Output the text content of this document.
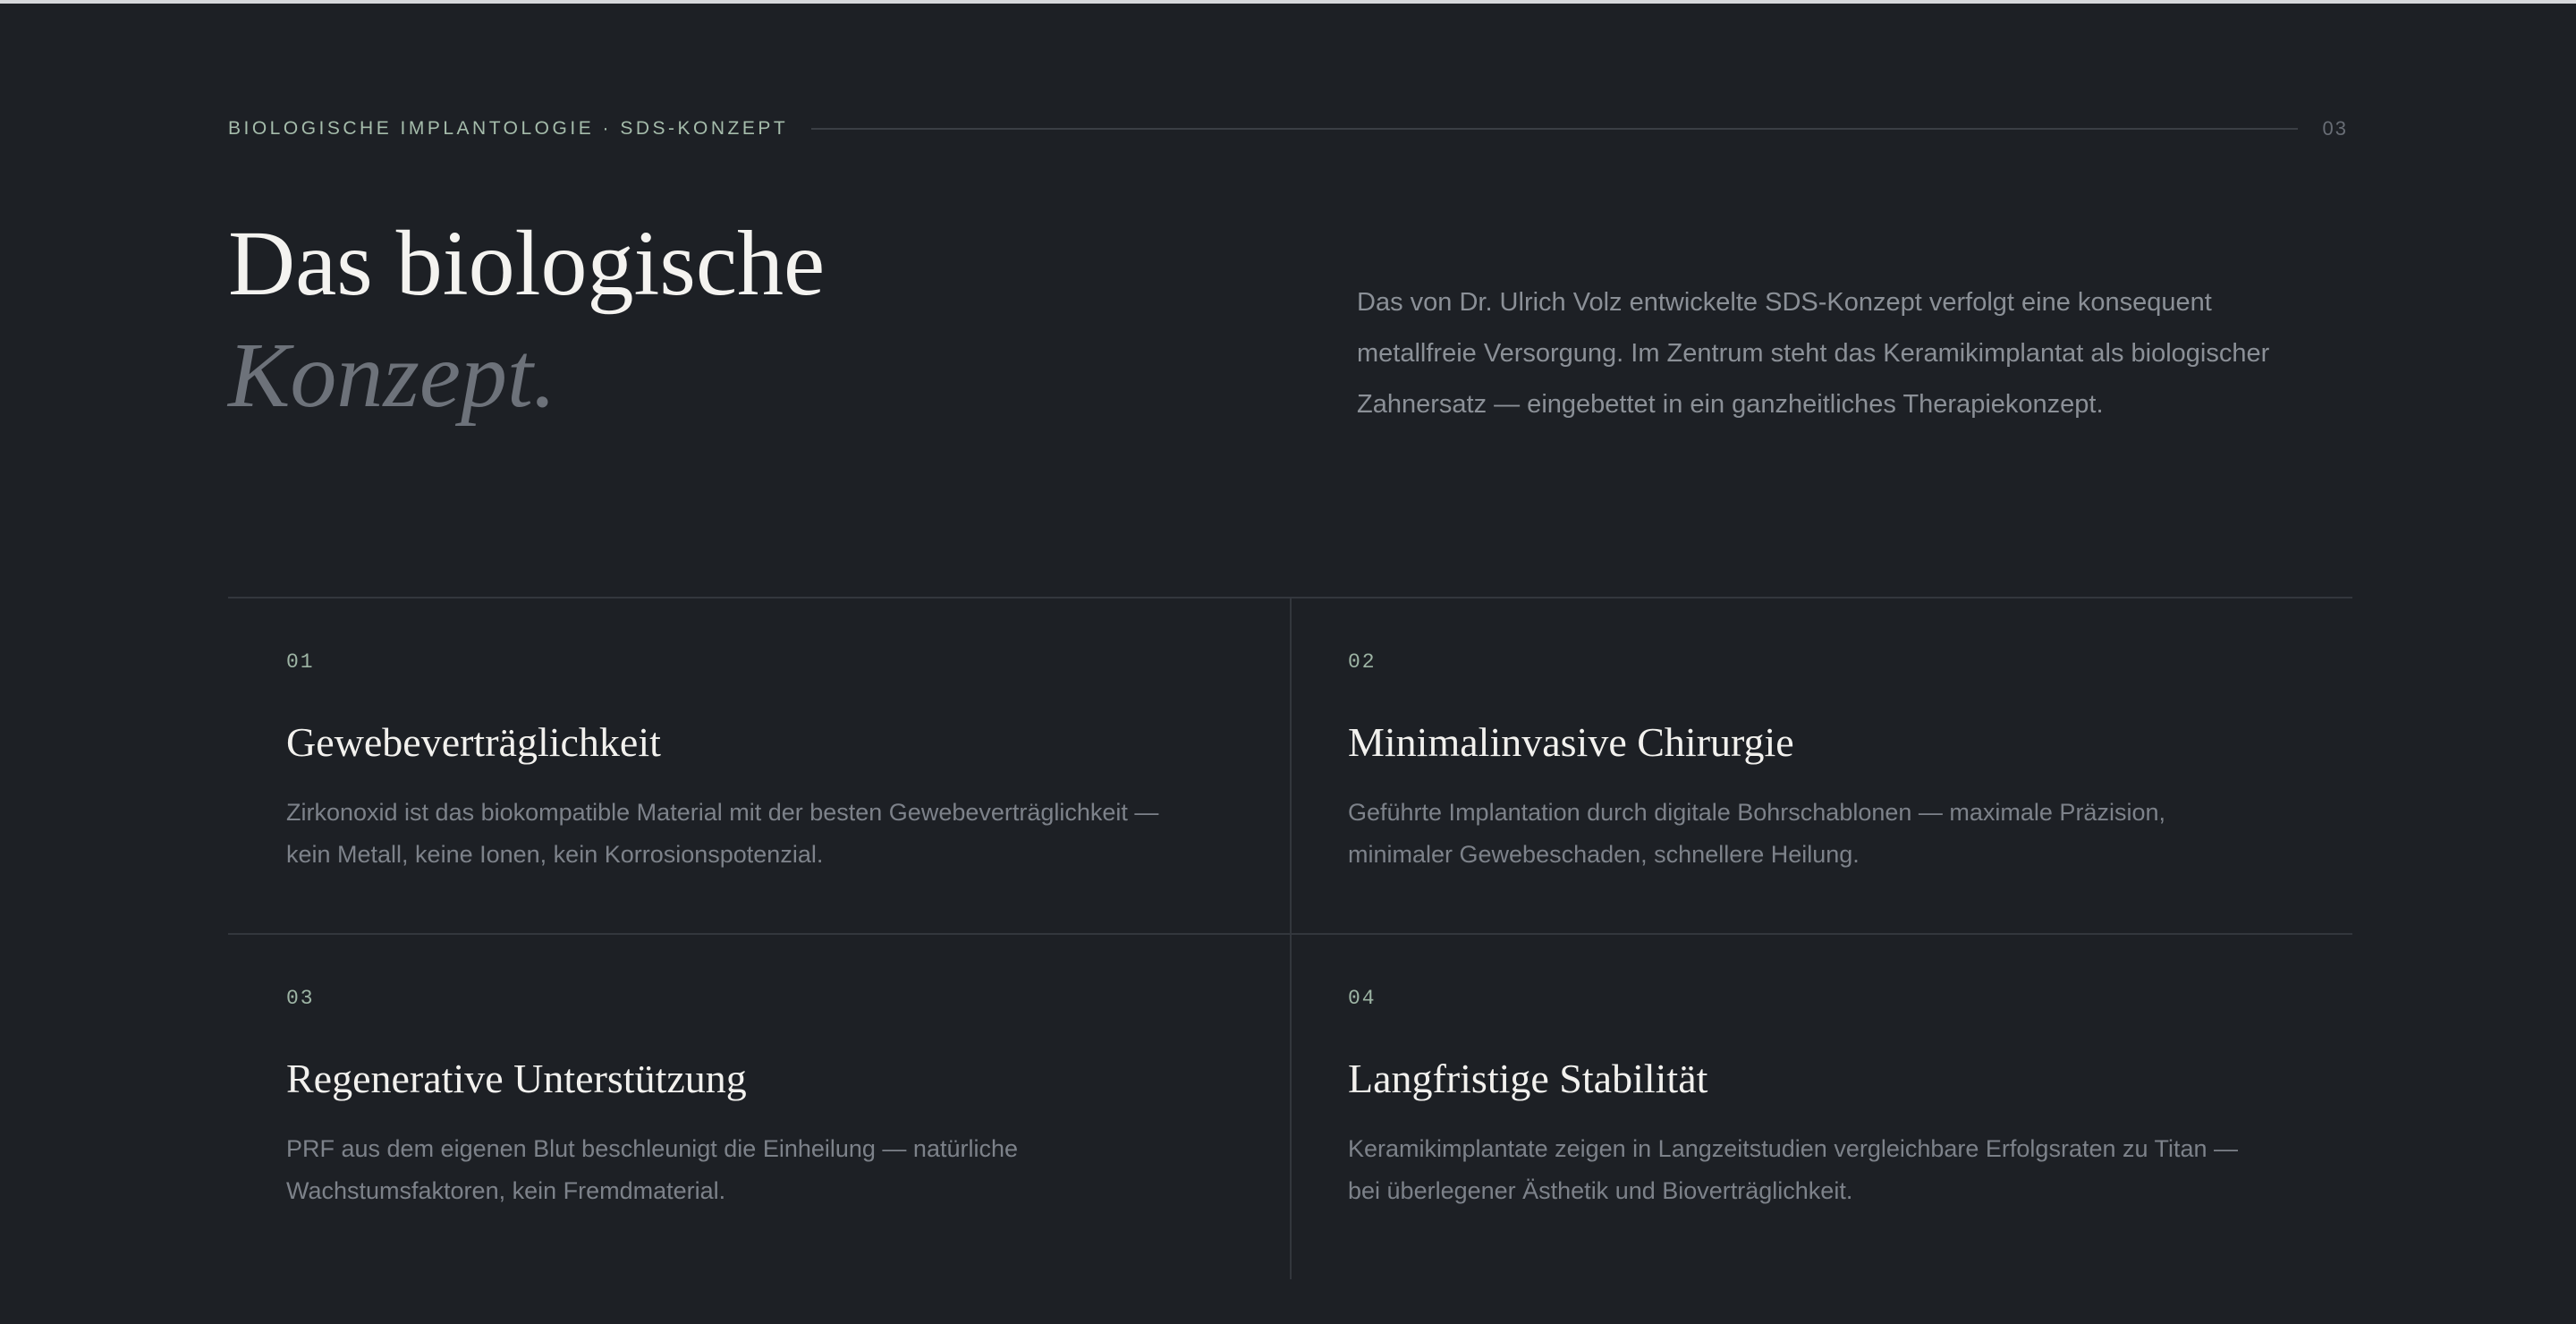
BIOLOGISCHE IMPLANTOLOGIE · SDS-KONZEPT	03
Das biologische
Konzept.

Das von Dr. Ulrich Volz entwickelte SDS-Konzept verfolgt eine konsequent metallfreie Versorgung. Im Zentrum steht das Keramikimplantat als biologischer Zahnersatz — eingebettet in ein ganzheitliches Therapiekonzept.

01
Gewebeverträglichkeit

Zirkonoxid ist das biokompatible Material mit der besten Gewebeverträglichkeit — kein Metall, keine Ionen, kein Korrosionspotenzial.

02
Minimalinvasive Chirurgie

Geführte Implantation durch digitale Bohrschablonen — maximale Präzision, minimaler Gewebeschaden, schnellere Heilung.

03
Regenerative Unterstützung

PRF aus dem eigenen Blut beschleunigt die Einheilung — natürliche Wachstumsfaktoren, kein Fremdmaterial.

04
Langfristige Stabilität

Keramikimplantate zeigen in Langzeitstudien vergleichbare Erfolgsraten zu Titan — bei überlegener Ästhetik und Bioverträglichkeit.
